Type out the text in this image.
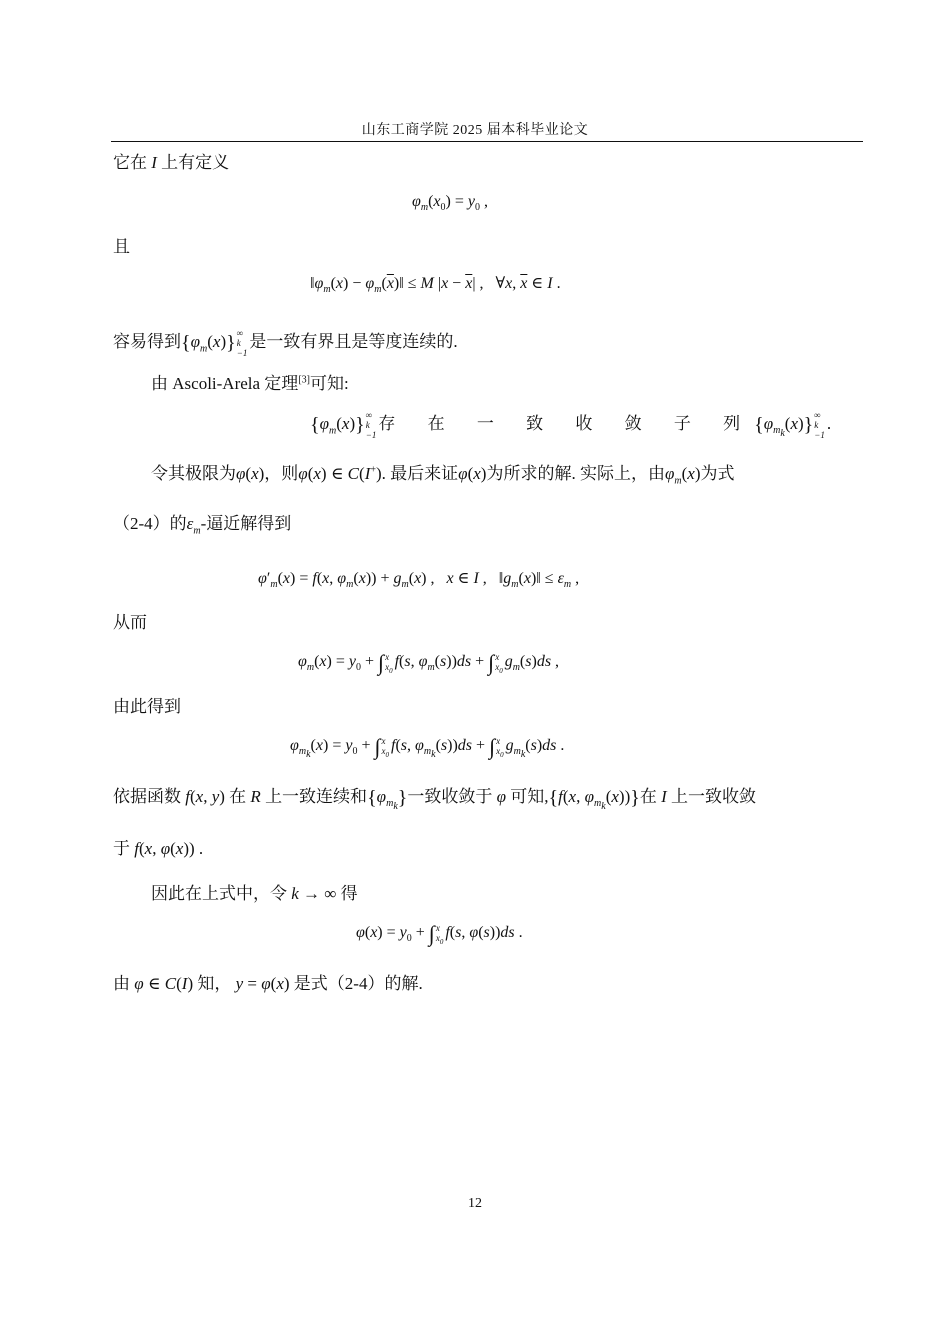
山东工商学院 2025 届本科毕业论文
它在 I 上有定义
$\varphi_m(x_0) = y_0$ ,
且
$‖\varphi_m(x)$ − $\varphi_m(\overline{x})‖ \le M$ $|x - \overline{x}|$ ,   ∀x, $\overline{x}$ ∈ I .
容易得到$\{\varphi_m(x)\}$ ∞
k
−1
是一致有界且是等度连续的.
由 Ascoli-Arela 定理[3]可知:
$\{\varphi_m(x)\}$ ∞
k
−1
存 在 一 致 收 敛 子 列$\{\varphi_{m_k}(x)\}$ ∞
k
−1
.
令其极限为φ(x)，则φ(x) ∈ C(I+). 最后来证φ(x)为所求的解. 实际上，由$\varphi_m(x)$为式
（2-4）的$\varepsilon_m-$逼近解得到
$\varphi'_m(x) = f(x$, $\varphi_m(x)) + g_m(x)$ ,   x ∈ I ,   $‖g_m(x)‖ \le \varepsilon_m$ ,
从而
$\varphi_m(x) = y_0$ + ∫ x
$x_0$
f(s, $\varphi_m(s))ds$ + ∫ x
$x_0$
$g_m(s)ds$ ,
由此得到
$\varphi_{m_k}(x) = y_0$ + ∫ x
$x_0$
f(s, $\varphi_{m_k}(s))ds$ + ∫ x
$x_0$
$g_{m_k}(s)ds$ .
依据函数 f(x, y) 在 R 上一致连续和$\{\varphi_{m_k}\}$一致收敛于 φ 可知,{f(x, $\varphi_{m_k}(x)$)}在 I 上一致收敛
于 f(x, φ(x)) .
因此在上式中，令 k → ∞ 得
$\varphi(x) = y_0$ + ∫ x
$x_0$
f(s, φ(s))ds .
由 φ ∈ C(I) 知， y = φ(x) 是式（2-4）的解.
12
